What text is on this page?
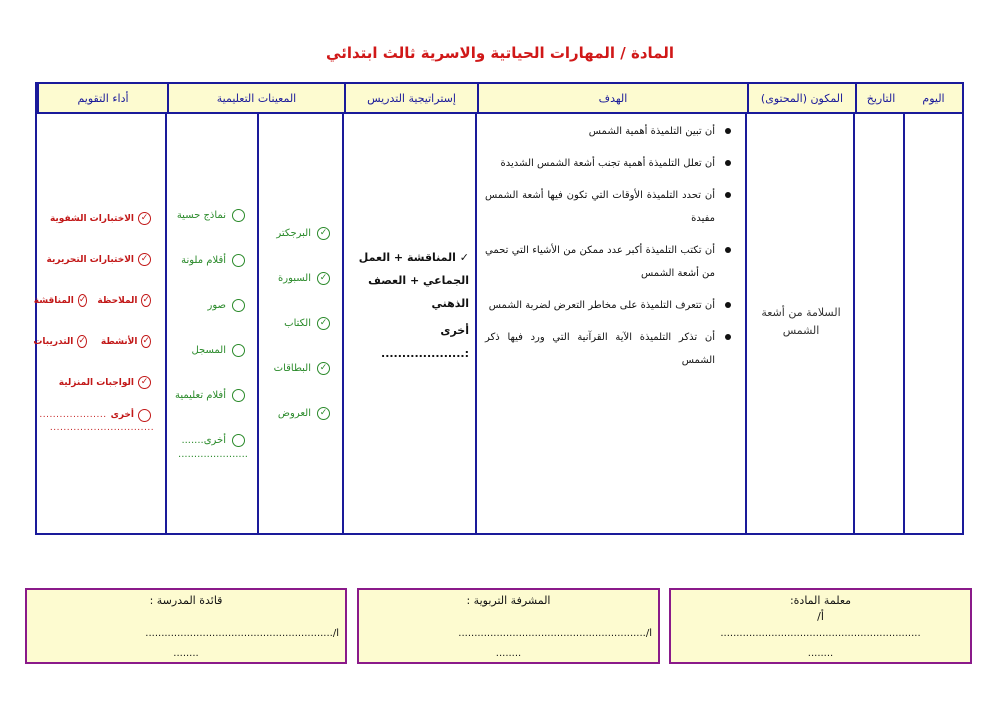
المادة / المهارات الحياتية والاسرية ثالث ابتدائي
اليوم
التاريخ
المكون (المحتوى)
الهدف
إستراتيجية التدريس
المعينات التعليمية
أداء التقويم
السلامة من أشعة الشمس
أن تبين التلميذة أهمية الشمس
أن تعلل التلميذة أهمية تجنب أشعة الشمس الشديدة
أن تحدد التلميذة الأوقات التي تكون فيها أشعة الشمس مفيدة
أن تكتب التلميذة أكبر عدد ممكن من الأشياء التي تحمي من أشعة الشمس
أن تتعرف التلميذة على مخاطر التعرض لضربة الشمس
أن تذكر التلميذة الآية القرآنية التي ورد فيها ذكر الشمس
✓ المناقشة + العمل الجماعي + العصف الذهني
أخرى :....................
✓
البرجكتر
✓
السبورة
✓
الكتاب
✓
البطاقات
✓
العروض
نماذج حسية
أقلام ملونة
صور
المسجل
أفلام تعليمية
أخرى.......
......................
✓
الاختبارات الشفوية
✓
الاختبارات التحريرية
✓
الملاحظة
✓
المناقشة
✓
الأنشطة
✓
التدريبات
✓
الواجبات المنزلية
أخرى
....................
...............................
معلمة المادة:
أ/
...............................................................
........
المشرفة التربوية :
أ/...........................................................
........
قائدة المدرسة :
أ/...........................................................
........
